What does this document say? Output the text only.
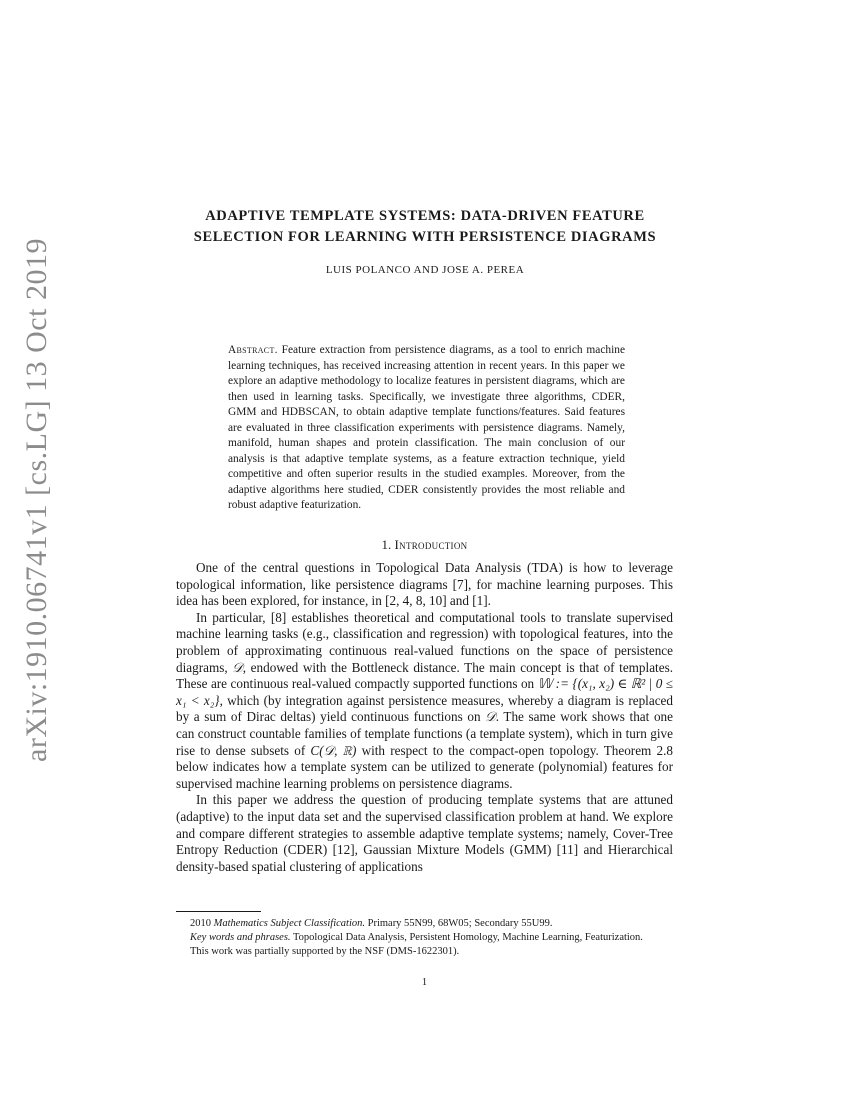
arXiv:1910.06741v1 [cs.LG] 13 Oct 2019
ADAPTIVE TEMPLATE SYSTEMS: DATA-DRIVEN FEATURE
SELECTION FOR LEARNING WITH PERSISTENCE DIAGRAMS
LUIS POLANCO AND JOSE A. PEREA
Abstract. Feature extraction from persistence diagrams, as a tool to enrich machine learning techniques, has received increasing attention in recent years. In this paper we explore an adaptive methodology to localize features in persistent diagrams, which are then used in learning tasks. Specifically, we investigate three algorithms, CDER, GMM and HDBSCAN, to obtain adaptive template functions/features. Said features are evaluated in three classification experiments with persistence diagrams. Namely, manifold, human shapes and protein classification. The main conclusion of our analysis is that adaptive template systems, as a feature extraction technique, yield competitive and often superior results in the studied examples. Moreover, from the adaptive algorithms here studied, CDER consistently provides the most reliable and robust adaptive featurization.
1. Introduction

One of the central questions in Topological Data Analysis (TDA) is how to leverage topological information, like persistence diagrams [7], for machine learning purposes. This idea has been explored, for instance, in [2, 4, 8, 10] and [1].

In particular, [8] establishes theoretical and computational tools to translate supervised machine learning tasks (e.g., classification and regression) with topological features, into the problem of approximating continuous real-valued functions on the space of persistence diagrams, 𝒟, endowed with the Bottleneck distance. The main concept is that of templates. These are continuous real-valued compactly supported functions on 𝕎 := {(x₁, x₂) ∈ ℝ² | 0 ≤ x₁ < x₂}, which (by integration against persistence measures, whereby a diagram is replaced by a sum of Dirac deltas) yield continuous functions on 𝒟. The same work shows that one can construct countable families of template functions (a template system), which in turn give rise to dense subsets of C(𝒟, ℝ) with respect to the compact-open topology. Theorem 2.8 below indicates how a template system can be utilized to generate (polynomial) features for supervised machine learning problems on persistence diagrams.

In this paper we address the question of producing template systems that are attuned (adaptive) to the input data set and the supervised classification problem at hand. We explore and compare different strategies to assemble adaptive template systems; namely, Cover-Tree Entropy Reduction (CDER) [12], Gaussian Mixture Models (GMM) [11] and Hierarchical density-based spatial clustering of applications

2010 Mathematics Subject Classification. Primary 55N99, 68W05; Secondary 55U99.

Key words and phrases. Topological Data Analysis, Persistent Homology, Machine Learning, Featurization.

This work was partially supported by the NSF (DMS-1622301).

1
